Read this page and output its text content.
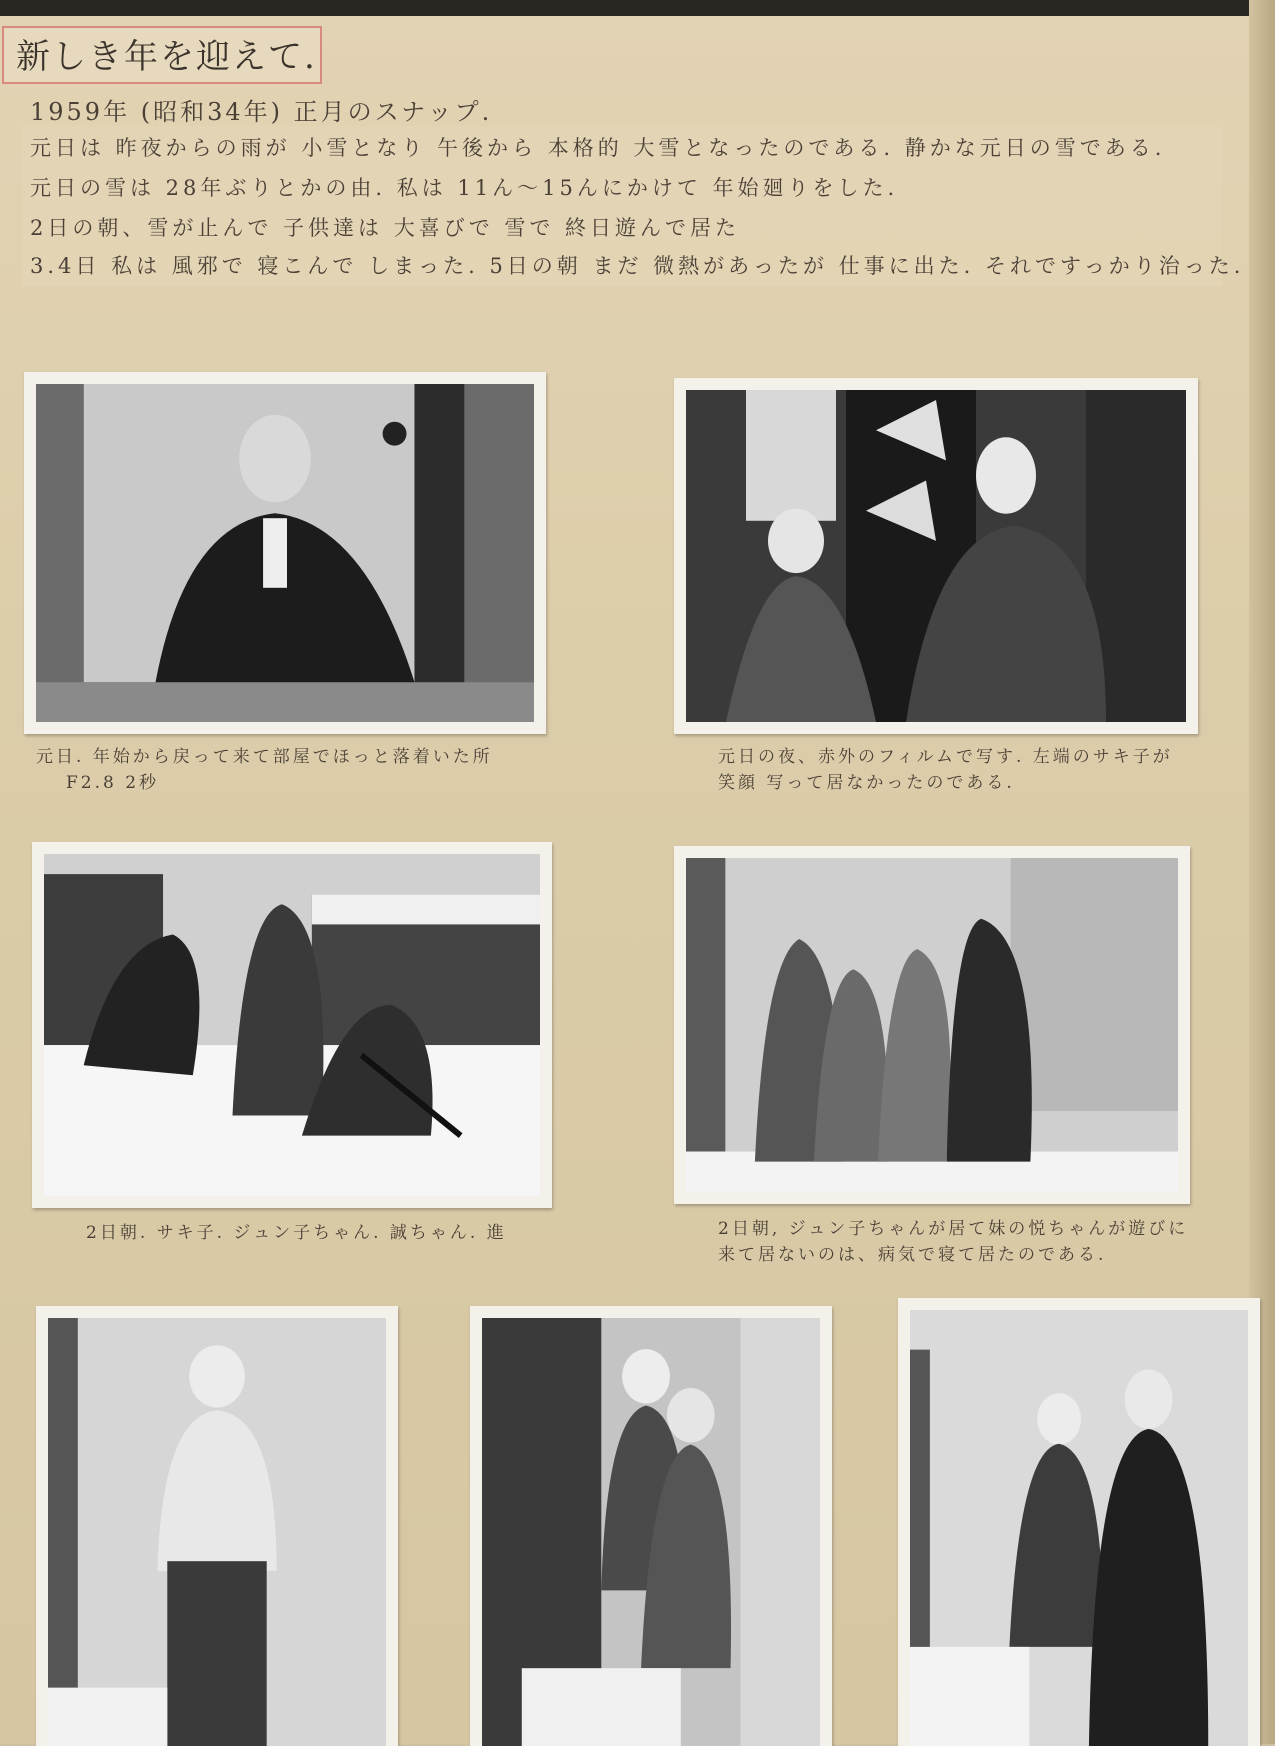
新しき年を迎えて.
1959年 (昭和34年) 正月のスナップ.
元日は 昨夜からの雨が 小雪となり 午後から 本格的 大雪となったのである. 静かな元日の雪である.
元日の雪は 28年ぶりとかの由. 私は 11ん〜15んにかけて 年始廻りをした.
2日の朝、雪が止んで 子供達は 大喜びで 雪で 終日遊んで居た
3.4日 私は 風邪で 寝こんで しまった. 5日の朝 まだ 微熱があったが 仕事に出た. それですっかり治った.
元日. 年始から戻って来て部屋でほっと落着いた所
F2.8 2秒
元日の夜、赤外のフィルムで写す. 左端のサキ子が
笑顔 写って居なかったのである.
2日朝. サキ子. ジュン子ちゃん. 誠ちゃん. 進	2日朝, ジュン子ちゃんが居て妹の悦ちゃんが遊びに
来て居ないのは、病気で寝て居たのである.
